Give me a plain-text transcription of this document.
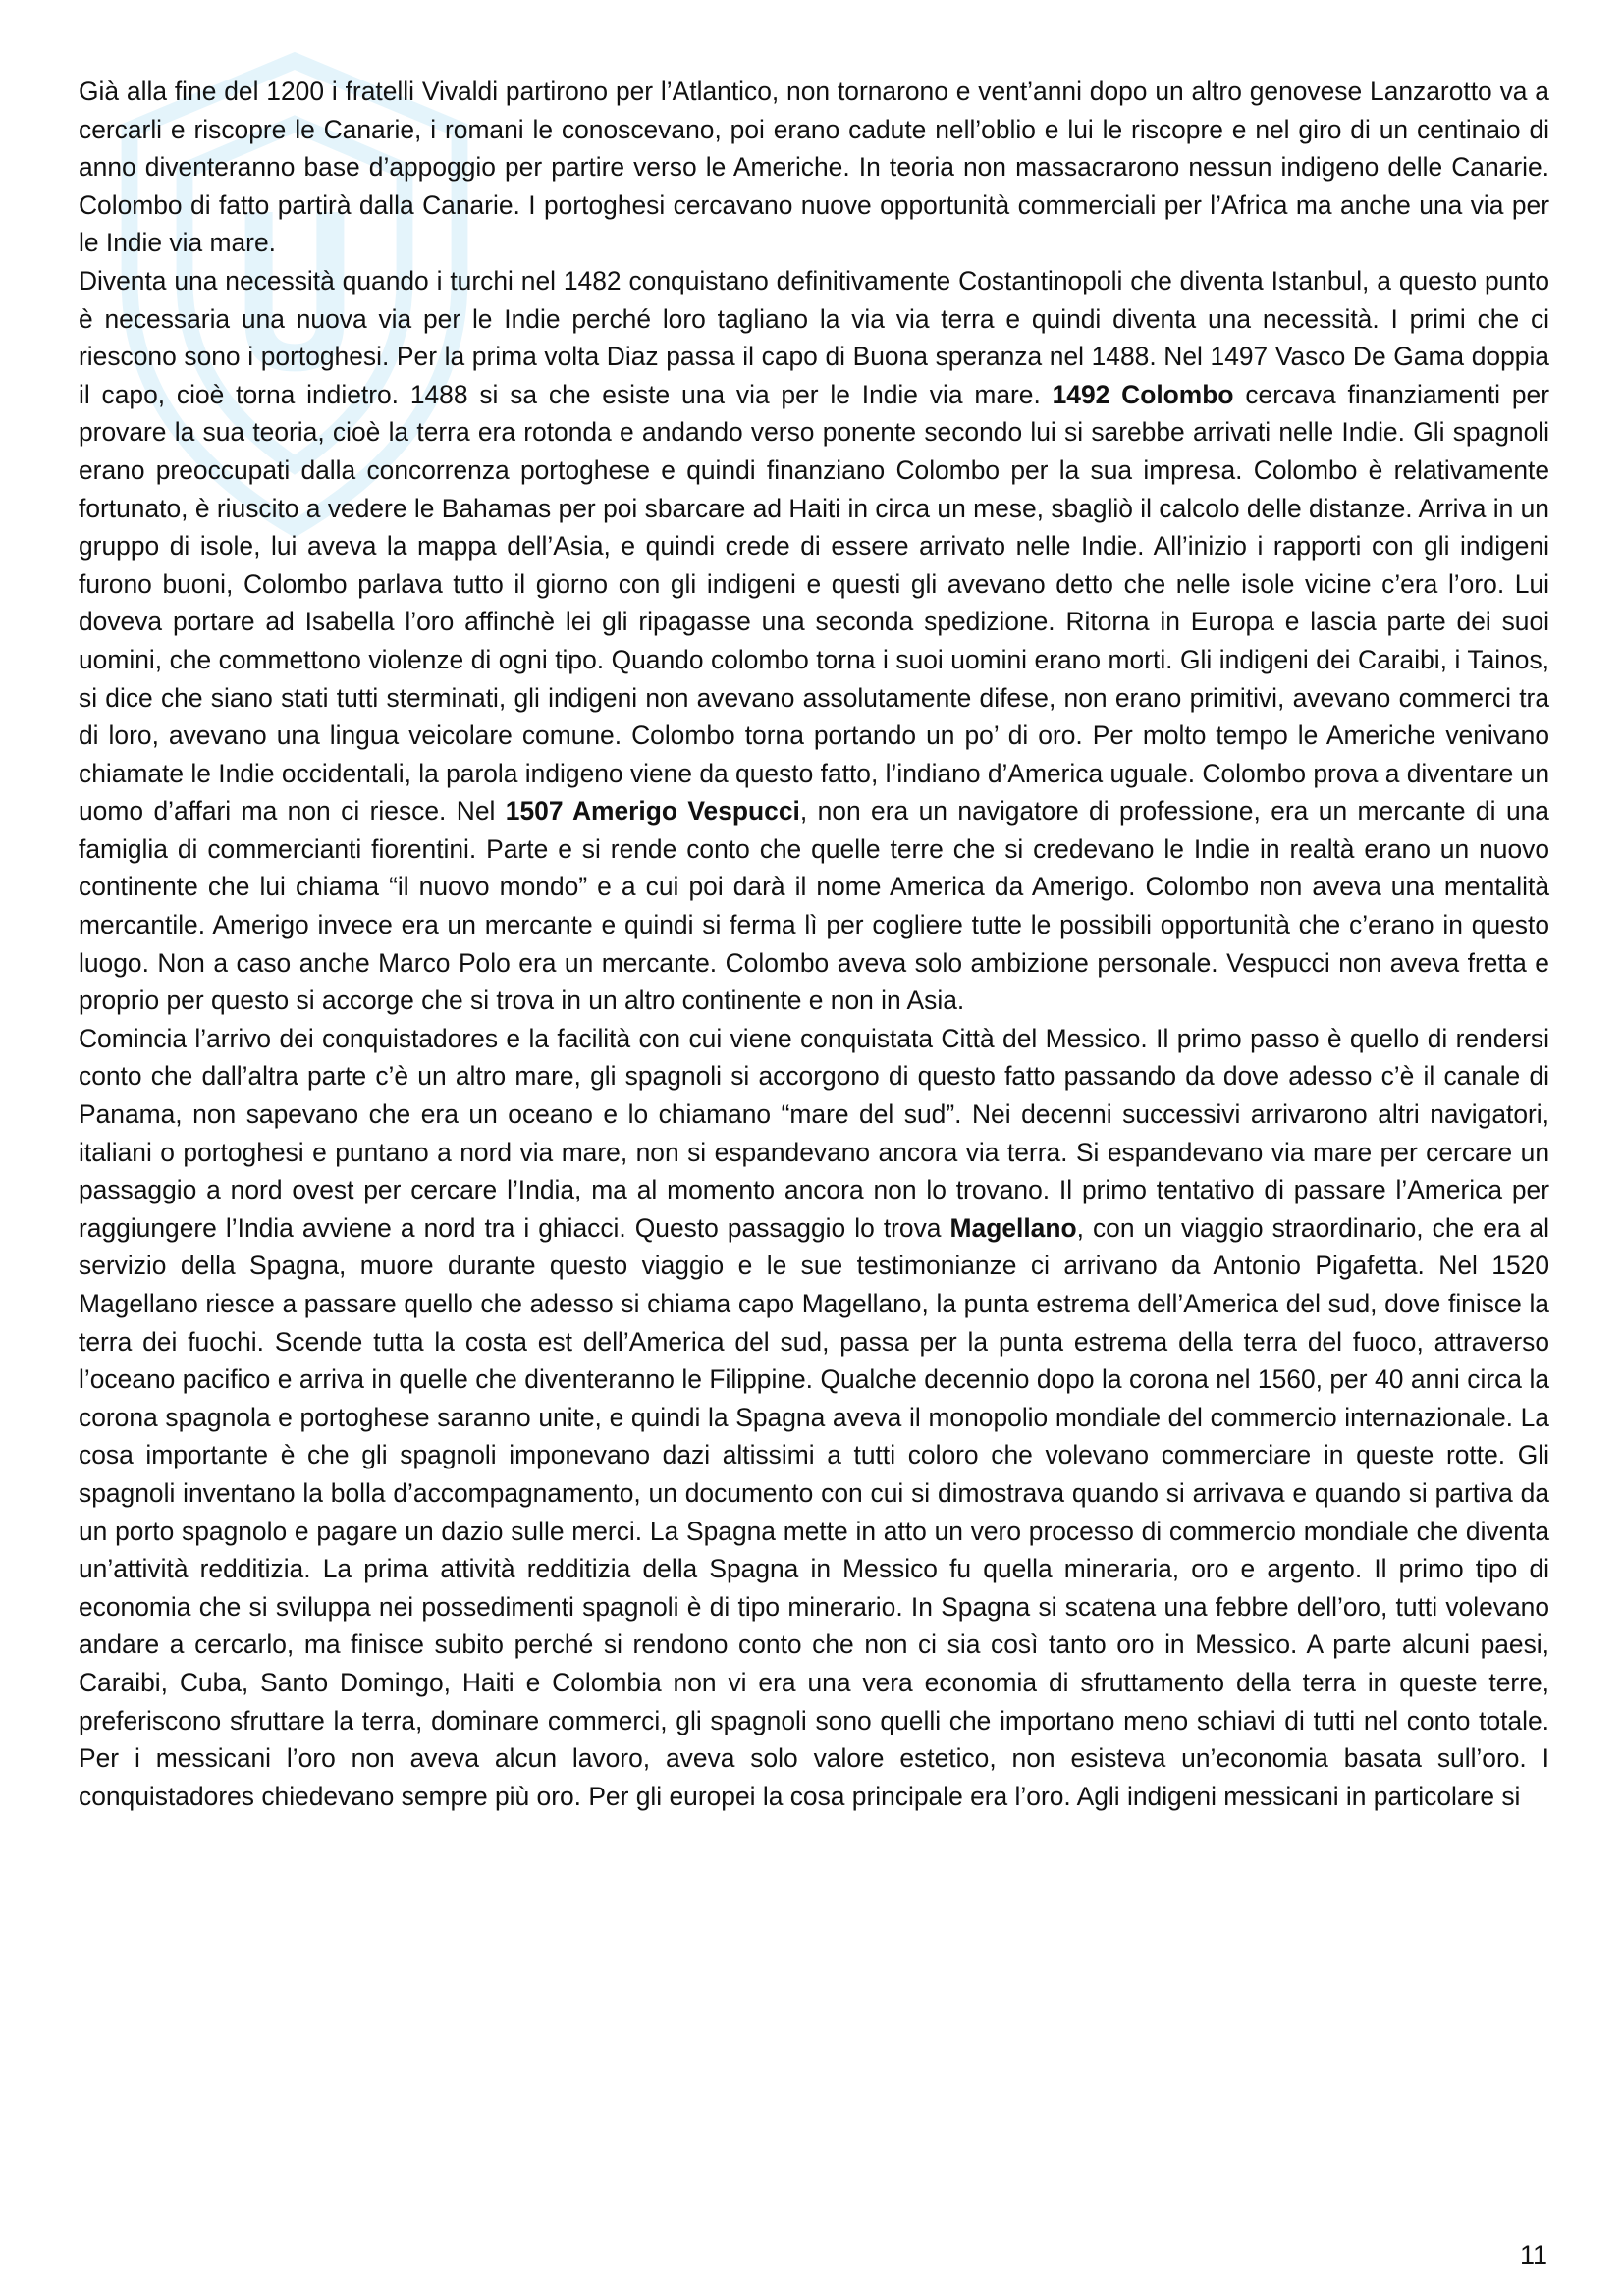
Già alla fine del 1200 i fratelli Vivaldi partirono per l’Atlantico, non tornarono e vent’anni dopo un altro genovese Lanzarotto va a cercarli e riscopre le Canarie, i romani le conoscevano, poi erano cadute nell’oblio e lui le riscopre e nel giro di un centinaio di anno diventeranno base d’appoggio per partire verso le Americhe. In teoria non massacrarono nessun indigeno delle Canarie. Colombo di fatto partirà dalla Canarie. I portoghesi cercavano nuove opportunità commerciali per l’Africa ma anche una via per le Indie via mare.

Diventa una necessità quando i turchi nel 1482 conquistano definitivamente Costantinopoli che diventa Istanbul, a questo punto è necessaria una nuova via per le Indie perché loro tagliano la via via terra e quindi diventa una necessità. I primi che ci riescono sono i portoghesi. Per la prima volta Diaz passa il capo di Buona speranza nel 1488. Nel 1497 Vasco De Gama doppia il capo, cioè torna indietro. 1488 si sa che esiste una via per le Indie via mare. 1492 Colombo cercava finanziamenti per provare la sua teoria, cioè la terra era rotonda e andando verso ponente secondo lui si sarebbe arrivati nelle Indie. Gli spagnoli erano preoccupati dalla concorrenza portoghese e quindi finanziano Colombo per la sua impresa. Colombo è relativamente fortunato, è riuscito a vedere le Bahamas per poi sbarcare ad Haiti in circa un mese, sbagliò il calcolo delle distanze. Arriva in un gruppo di isole, lui aveva la mappa dell’Asia, e quindi crede di essere arrivato nelle Indie. All’inizio i rapporti con gli indigeni furono buoni, Colombo parlava tutto il giorno con gli indigeni e questi gli avevano detto che nelle isole vicine c’era l’oro. Lui doveva portare ad Isabella l’oro affinchè lei gli ripagasse una seconda spedizione. Ritorna in Europa e lascia parte dei suoi uomini, che commettono violenze di ogni tipo. Quando colombo torna i suoi uomini erano morti. Gli indigeni dei Caraibi, i Tainos, si dice che siano stati tutti sterminati, gli indigeni non avevano assolutamente difese, non erano primitivi, avevano commerci tra di loro, avevano una lingua veicolare comune. Colombo torna portando un po’ di oro. Per molto tempo le Americhe venivano chiamate le Indie occidentali, la parola indigeno viene da questo fatto, l’indiano d’America uguale. Colombo prova a diventare un uomo d’affari ma non ci riesce. Nel 1507 Amerigo Vespucci, non era un navigatore di professione, era un mercante di una famiglia di commercianti fiorentini. Parte e si rende conto che quelle terre che si credevano le Indie in realtà erano un nuovo continente che lui chiama “il nuovo mondo” e a cui poi darà il nome America da Amerigo. Colombo non aveva una mentalità mercantile. Amerigo invece era un mercante e quindi si ferma lì per cogliere tutte le possibili opportunità che c’erano in questo luogo. Non a caso anche Marco Polo era un mercante. Colombo aveva solo ambizione personale. Vespucci non aveva fretta e proprio per questo si accorge che si trova in un altro continente e non in Asia.

Comincia l’arrivo dei conquistadores e la facilità con cui viene conquistata Città del Messico. Il primo passo è quello di rendersi conto che dall’altra parte c’è un altro mare, gli spagnoli si accorgono di questo fatto passando da dove adesso c’è il canale di Panama, non sapevano che era un oceano e lo chiamano “mare del sud”. Nei decenni successivi arrivarono altri navigatori, italiani o portoghesi e puntano a nord via mare, non si espandevano ancora via terra. Si espandevano via mare per cercare un passaggio a nord ovest per cercare l’India, ma al momento ancora non lo trovano. Il primo tentativo di passare l’America per raggiungere l’India avviene a nord tra i ghiacci. Questo passaggio lo trova Magellano, con un viaggio straordinario, che era al servizio della Spagna, muore durante questo viaggio e le sue testimonianze ci arrivano da Antonio Pigafetta. Nel 1520 Magellano riesce a passare quello che adesso si chiama capo Magellano, la punta estrema dell’America del sud, dove finisce la terra dei fuochi. Scende tutta la costa est dell’America del sud, passa per la punta estrema della terra del fuoco, attraverso l’oceano pacifico e arriva in quelle che diventeranno le Filippine. Qualche decennio dopo la corona nel 1560, per 40 anni circa la corona spagnola e portoghese saranno unite, e quindi la Spagna aveva il monopolio mondiale del commercio internazionale. La cosa importante è che gli spagnoli imponevano dazi altissimi a tutti coloro che volevano commerciare in queste rotte. Gli spagnoli inventano la bolla d’accompagnamento, un documento con cui si dimostrava quando si arrivava e quando si partiva da un porto spagnolo e pagare un dazio sulle merci. La Spagna mette in atto un vero processo di commercio mondiale che diventa un’attività redditizia. La prima attività redditizia della Spagna in Messico fu quella mineraria, oro e argento. Il primo tipo di economia che si sviluppa nei possedimenti spagnoli è di tipo minerario. In Spagna si scatena una febbre dell’oro, tutti volevano andare a cercarlo, ma finisce subito perché si rendono conto che non ci sia così tanto oro in Messico. A parte alcuni paesi, Caraibi, Cuba, Santo Domingo, Haiti e Colombia non vi era una vera economia di sfruttamento della terra in queste terre, preferiscono sfruttare la terra, dominare commerci, gli spagnoli sono quelli che importano meno schiavi di tutti nel conto totale. Per i messicani l’oro non aveva alcun lavoro, aveva solo valore estetico, non esisteva un’economia basata sull’oro. I conquistadores chiedevano sempre più oro. Per gli europei la cosa principale era l’oro. Agli indigeni messicani in particolare si

11
